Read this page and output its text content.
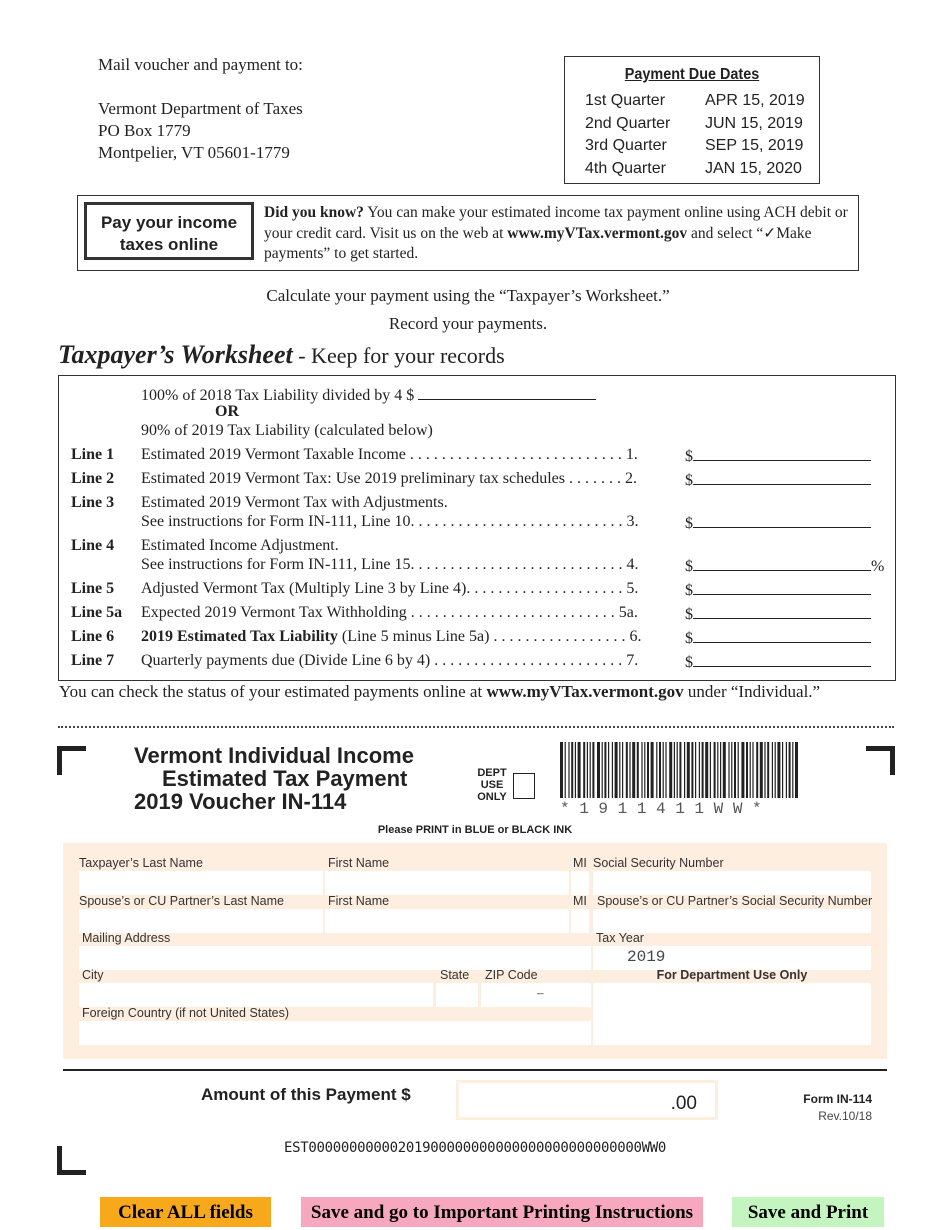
Mail voucher and payment to:
Vermont Department of Taxes
PO Box 1779
Montpelier, VT 05601-1779
Payment Due Dates
1st Quarter	APR 15, 2019
2nd Quarter	JUN 15, 2019
3rd Quarter	SEP 15, 2019
4th Quarter	JAN 15, 2020
Pay your income taxes online
Did you know? You can make your estimated income tax payment online using ACH debit or your credit card. Visit us on the web at www.myVTax.vermont.gov and select “✓Make payments” to get started.
Calculate your payment using the “Taxpayer’s Worksheet.”
Record your payments.
Taxpayer’s Worksheet - Keep for your records
100% of 2018 Tax Liability divided by 4 $
OR
90% of 2019 Tax Liability (calculated below)
Line 1 Estimated 2019 Vermont Taxable Income . . . . . . . . . . . . . . . . . . . . . . . . . . . 1.	$
Line 2 Estimated 2019 Vermont Tax: Use 2019 preliminary tax schedules . . . . . . . 2.	$
Line 3 Estimated 2019 Vermont Tax with Adjustments.
See instructions for Form IN-111, Line 10. . . . . . . . . . . . . . . . . . . . . . . . . . . 3.	$
Line 4 Estimated Income Adjustment.
See instructions for Form IN-111, Line 15. . . . . . . . . . . . . . . . . . . . . . . . . . . 4.	$	%
Line 5 Adjusted Vermont Tax (Multiply Line 3 by Line 4). . . . . . . . . . . . . . . . . . . . 5.	$
Line 5a Expected 2019 Vermont Tax Withholding . . . . . . . . . . . . . . . . . . . . . . . . . . 5a.	$
Line 6 2019 Estimated Tax Liability (Line 5 minus Line 5a) . . . . . . . . . . . . . . . . . 6.	$
Line 7 Quarterly payments due (Divide Line 6 by 4) . . . . . . . . . . . . . . . . . . . . . . . . 7.	$
You can check the status of your estimated payments online at www.myVTax.vermont.gov under “Individual.”
Vermont Individual Income
Estimated Tax Payment
2019 Voucher IN-114
DEPT
USE
ONLY
* 1 9 1 1 4 1 1 W W *
Please PRINT in BLUE or BLACK INK
Taxpayer’s Last Name	First Name	MI Social Security Number
Spouse’s or CU Partner’s Last Name	First Name	MI Spouse’s or CU Partner’s Social Security Number
Mailing Address	Tax Year
2019
City	State ZIP Code	For Department Use Only
–
Foreign Country (if not United States)
Amount of this Payment $	.00	Form IN-114
Rev.10/18
EST00000000000201900000000000000000000000000WW0
Clear ALL fields	Save and go to Important Printing Instructions	Save and Print
